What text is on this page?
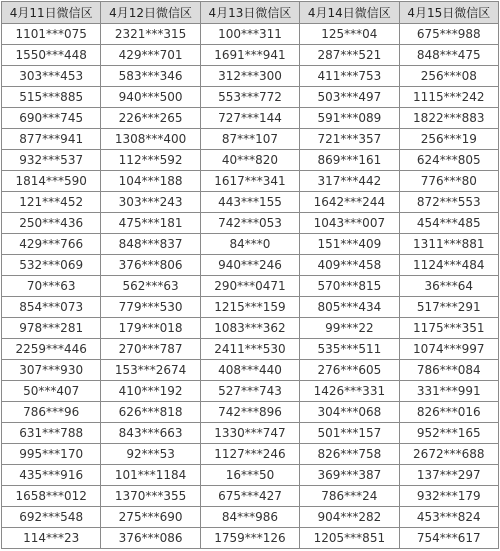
4月11日微信区	4月12日微信区	4月13日微信区	4月14日微信区	4月15日微信区
1101***075	2321***315	100***311	125***04	675***988
1550***448	429***701	1691***941	287***521	848***475
303***453	583***346	312***300	411***753	256***08
515***885	940***500	553***772	503***497	1115***242
690***745	226***265	727***144	591***089	1822***883
877***941	1308***400	87***107	721***357	256***19
932***537	112***592	40***820	869***161	624***805
1814***590	104***188	1617***341	317***442	776***80
121***452	303***243	443***155	1642***244	872***553
250***436	475***181	742***053	1043***007	454***485
429***766	848***837	84***0	151***409	1311***881
532***069	376***806	940***246	409***458	1124***484
70***63	562***63	290***0471	570***815	36***64
854***073	779***530	1215***159	805***434	517***291
978***281	179***018	1083***362	99***22	1175***351
2259***446	270***787	2411***530	535***511	1074***997
307***930	153***2674	408***440	276***605	786***084
50***407	410***192	527***743	1426***331	331***991
786***96	626***818	742***896	304***068	826***016
631***788	843***663	1330***747	501***157	952***165
995***170	92***53	1127***246	826***758	2672***688
435***916	101***1184	16***50	369***387	137***297
1658***012	1370***355	675***427	786***24	932***179
692***548	275***690	84***986	904***282	453***824
114***23	376***086	1759***126	1205***851	754***617
